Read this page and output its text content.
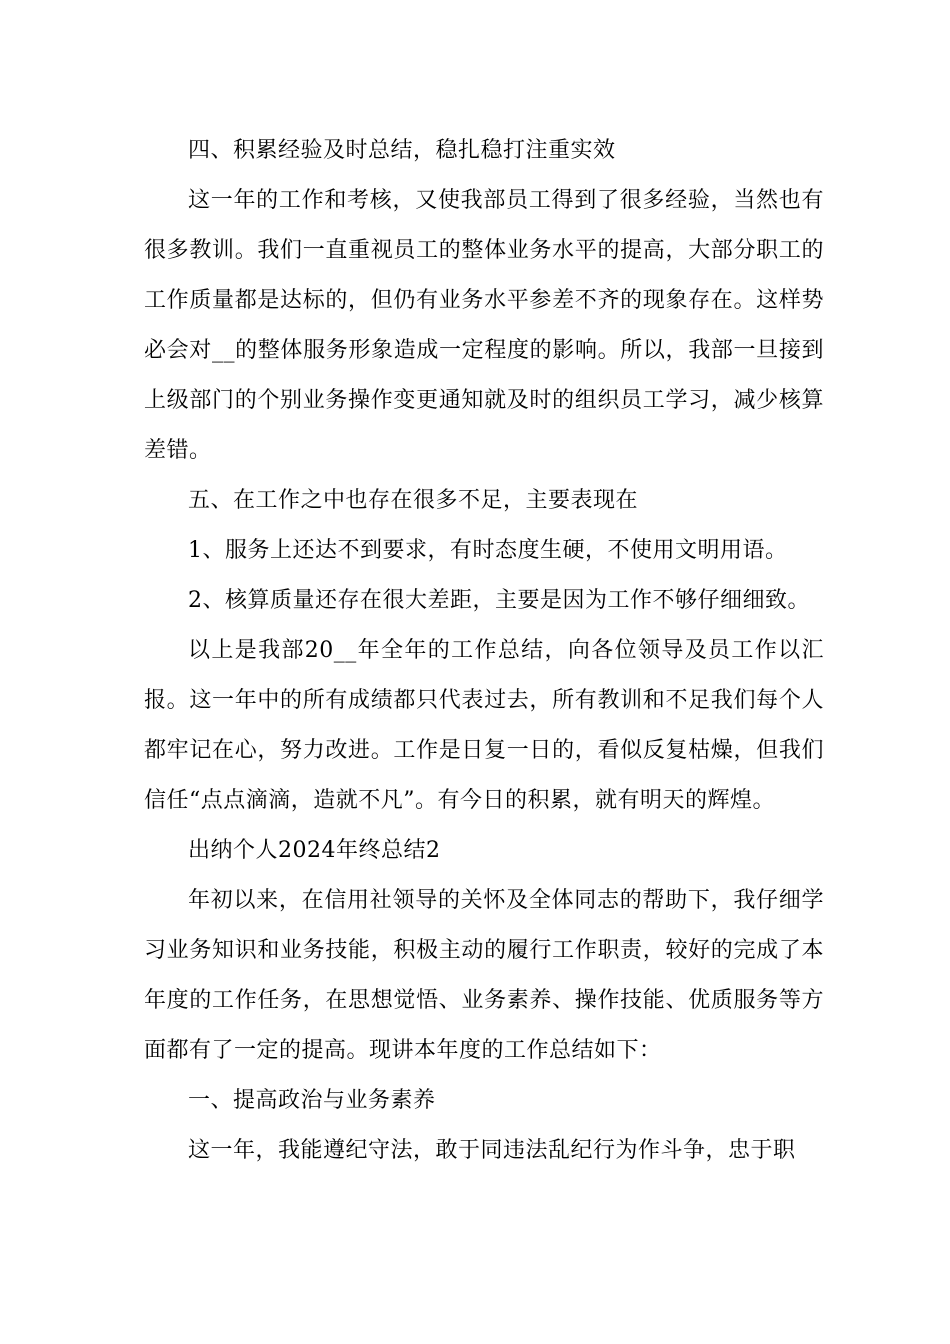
四、积累经验及时总结，稳扎稳打注重实效

这一年的工作和考核，又使我部员工得到了很多经验，当然也有很多教训。我们一直重视员工的整体业务水平的提高，大部分职工的工作质量都是达标的，但仍有业务水平参差不齐的现象存在。这样势必会对__的整体服务形象造成一定程度的影响。所以，我部一旦接到上级部门的个别业务操作变更通知就及时的组织员工学习，减少核算差错。

五、在工作之中也存在很多不足，主要表现在

1、服务上还达不到要求，有时态度生硬，不使用文明用语。

2、核算质量还存在很大差距，主要是因为工作不够仔细细致。

以上是我部20__年全年的工作总结，向各位领导及员工作以汇报。这一年中的所有成绩都只代表过去，所有教训和不足我们每个人都牢记在心，努力改进。工作是日复一日的，看似反复枯燥，但我们信任“点点滴滴，造就不凡”。有今日的积累，就有明天的辉煌。

出纳个人2024年终总结2

年初以来，在信用社领导的关怀及全体同志的帮助下，我仔细学习业务知识和业务技能，积极主动的履行工作职责，较好的完成了本年度的工作任务，在思想觉悟、业务素养、操作技能、优质服务等方面都有了一定的提高。现讲本年度的工作总结如下：

一、提高政治与业务素养

这一年，我能遵纪守法，敢于同违法乱纪行为作斗争，忠于职
